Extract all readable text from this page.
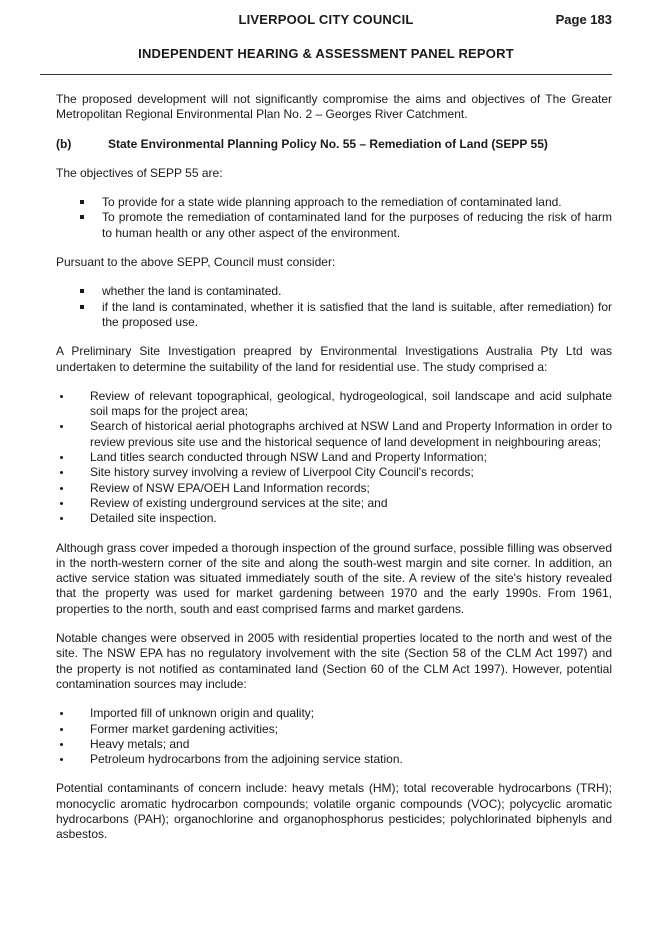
LIVERPOOL CITY COUNCIL	Page 183
INDEPENDENT HEARING & ASSESSMENT PANEL REPORT

The proposed development will not significantly compromise the aims and objectives of The Greater Metropolitan Regional Environmental Plan No. 2 – Georges River Catchment.

(b)	State Environmental Planning Policy No. 55 – Remediation of Land (SEPP 55)

The objectives of SEPP 55 are:

To provide for a state wide planning approach to the remediation of contaminated land.
To promote the remediation of contaminated land for the purposes of reducing the risk of harm to human health or any other aspect of the environment.

Pursuant to the above SEPP, Council must consider:

whether the land is contaminated.
if the land is contaminated, whether it is satisfied that the land is suitable, after remediation) for the proposed use.

A Preliminary Site Investigation preapred by Environmental Investigations Australia Pty Ltd was undertaken to determine the suitability of the land for residential use. The study comprised a:

Review of relevant topographical, geological, hydrogeological, soil landscape and acid sulphate soil maps for the project area;
Search of historical aerial photographs archived at NSW Land and Property Information in order to review previous site use and the historical sequence of land development in neighbouring areas;
Land titles search conducted through NSW Land and Property Information;
Site history survey involving a review of Liverpool City Council's records;
Review of NSW EPA/OEH Land Information records;
Review of existing underground services at the site; and
Detailed site inspection.

Although grass cover impeded a thorough inspection of the ground surface, possible filling was observed in the north-western corner of the site and along the south-west margin and site corner. In addition, an active service station was situated immediately south of the site. A review of the site's history revealed that the property was used for market gardening between 1970 and the early 1990s. From 1961, properties to the north, south and east comprised farms and market gardens.

Notable changes were observed in 2005 with residential properties located to the north and west of the site. The NSW EPA has no regulatory involvement with the site (Section 58 of the CLM Act 1997) and the property is not notified as contaminated land (Section 60 of the CLM Act 1997). However, potential contamination sources may include:

Imported fill of unknown origin and quality;
Former market gardening activities;
Heavy metals; and
Petroleum hydrocarbons from the adjoining service station.

Potential contaminants of concern include: heavy metals (HM); total recoverable hydrocarbons (TRH); monocyclic aromatic hydrocarbon compounds; volatile organic compounds (VOC); polycyclic aromatic hydrocarbons (PAH); organochlorine and organophosphorus pesticides; polychlorinated biphenyls and asbestos.
